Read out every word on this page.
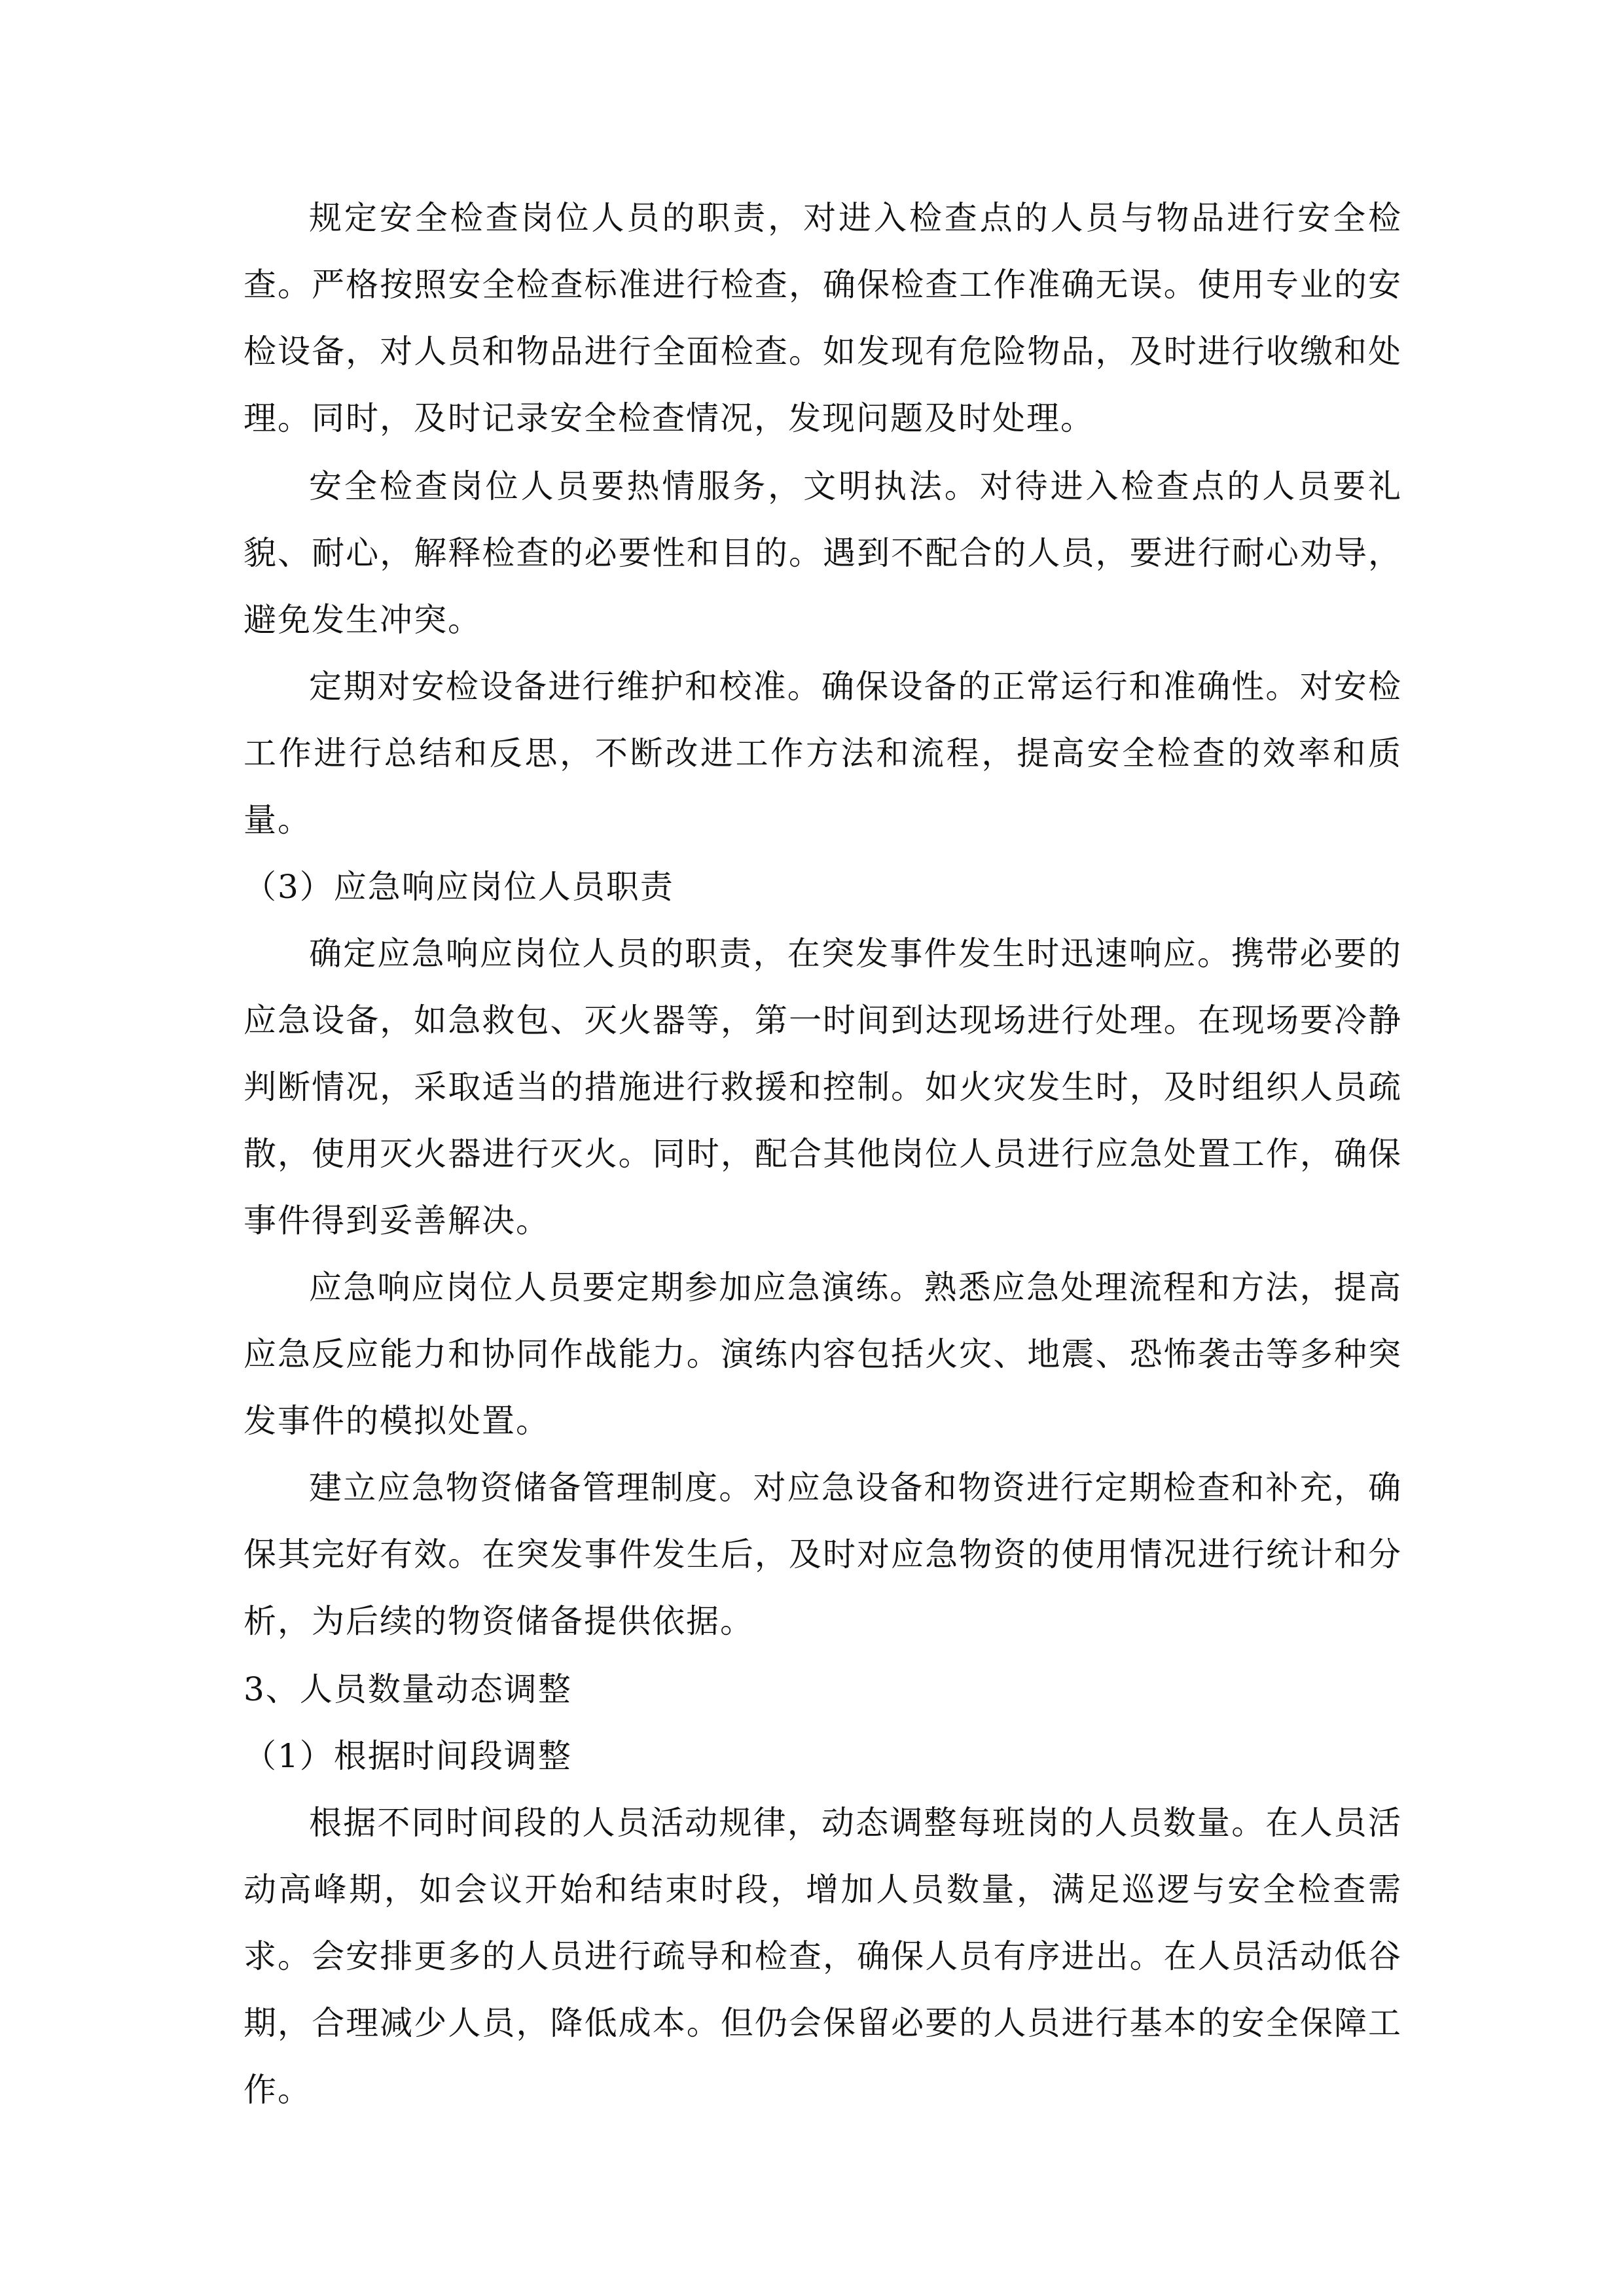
规定安全检查岗位人员的职责，对进入检查点的人员与物品进行安全检查。严格按照安全检查标准进行检查，确保检查工作准确无误。使用专业的安检设备，对人员和物品进行全面检查。如发现有危险物品，及时进行收缴和处理。同时，及时记录安全检查情况，发现问题及时处理。

安全检查岗位人员要热情服务，文明执法。对待进入检查点的人员要礼貌、耐心，解释检查的必要性和目的。遇到不配合的人员，要进行耐心劝导，避免发生冲突。

定期对安检设备进行维护和校准。确保设备的正常运行和准确性。对安检工作进行总结和反思，不断改进工作方法和流程，提高安全检查的效率和质量。

（3）应急响应岗位人员职责

确定应急响应岗位人员的职责，在突发事件发生时迅速响应。携带必要的应急设备，如急救包、灭火器等，第一时间到达现场进行处理。在现场要冷静判断情况，采取适当的措施进行救援和控制。如火灾发生时，及时组织人员疏散，使用灭火器进行灭火。同时，配合其他岗位人员进行应急处置工作，确保事件得到妥善解决。

应急响应岗位人员要定期参加应急演练。熟悉应急处理流程和方法，提高应急反应能力和协同作战能力。演练内容包括火灾、地震、恐怖袭击等多种突发事件的模拟处置。

建立应急物资储备管理制度。对应急设备和物资进行定期检查和补充，确保其完好有效。在突发事件发生后，及时对应急物资的使用情况进行统计和分析，为后续的物资储备提供依据。

3、人员数量动态调整

（1）根据时间段调整

根据不同时间段的人员活动规律，动态调整每班岗的人员数量。在人员活动高峰期，如会议开始和结束时段，增加人员数量，满足巡逻与安全检查需求。会安排更多的人员进行疏导和检查，确保人员有序进出。在人员活动低谷期，合理减少人员，降低成本。但仍会保留必要的人员进行基本的安全保障工作。
